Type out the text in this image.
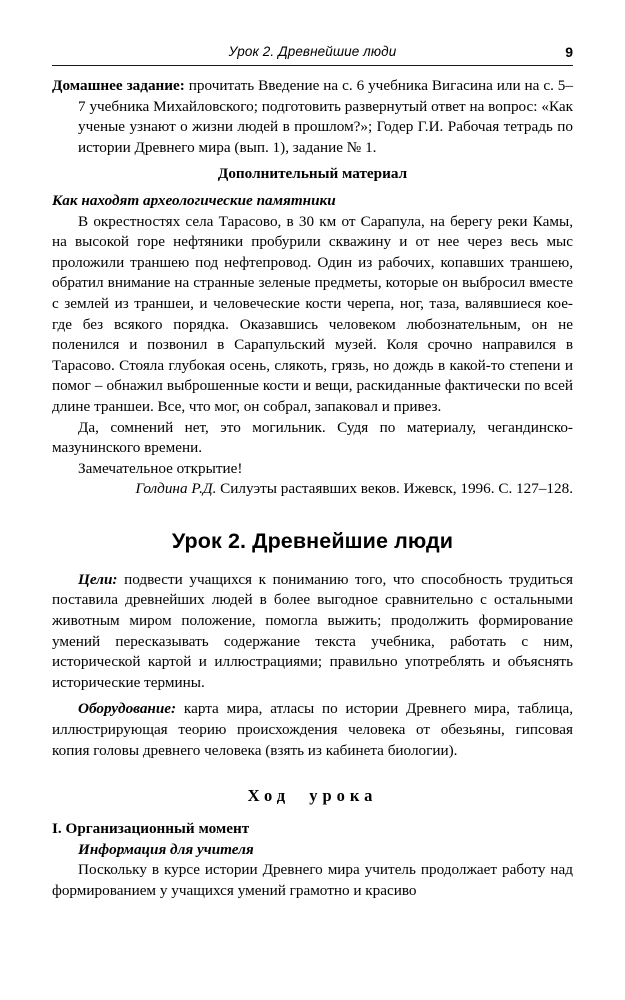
Урок 2. Древнейшие люди	9

Домашнее задание: прочитать Введение на с. 6 учебника Вигасина или на с. 5–7 учебника Михайловского; подготовить развернутый ответ на вопрос: «Как ученые узнают о жизни людей в прошлом?»; Годер Г.И. Рабочая тетрадь по истории Древнего мира (вып. 1), задание № 1.

Дополнительный материал

Как находят археологические памятники

В окрестностях села Тарасово, в 30 км от Сарапула, на берегу реки Камы, на высокой горе нефтяники пробурили скважину и от нее через весь мыс проложили траншею под нефтепровод. Один из рабочих, копавших траншею, обратил внимание на странные зеленые предметы, которые он выбросил вместе с землей из траншеи, и человеческие кости черепа, ног, таза, валявшиеся кое-где без всякого порядка. Оказавшись человеком любознательным, он не поленился и позвонил в Сарапульский музей. Коля срочно направился в Тарасово. Стояла глубокая осень, слякоть, грязь, но дождь в какой-то степени и помог – обнажил выброшенные кости и вещи, раскиданные фактически по всей длине траншеи. Все, что мог, он собрал, запаковал и привез.

Да, сомнений нет, это могильник. Судя по материалу, чегандинско-мазунинского времени.

Замечательное открытие!

Голдина Р.Д. Силуэты растаявших веков. Ижевск, 1996. С. 127–128.

Урок 2. Древнейшие люди

Цели: подвести учащихся к пониманию того, что способность трудиться поставила древнейших людей в более выгодное сравнительно с остальными животным миром положение, помогла выжить; продолжить формирование умений пересказывать содержание текста учебника, работать с ним, исторической картой и иллюстрациями; правильно употреблять и объяснять исторические термины.

Оборудование: карта мира, атласы по истории Древнего мира, таблица, иллюстрирующая теорию происхождения человека от обезьяны, гипсовая копия головы древнего человека (взять из кабинета биологии).

Ход урока
I. Организационный момент

Информация для учителя

Поскольку в курсе истории Древнего мира учитель продолжает работу над формированием у учащихся умений грамотно и красиво
